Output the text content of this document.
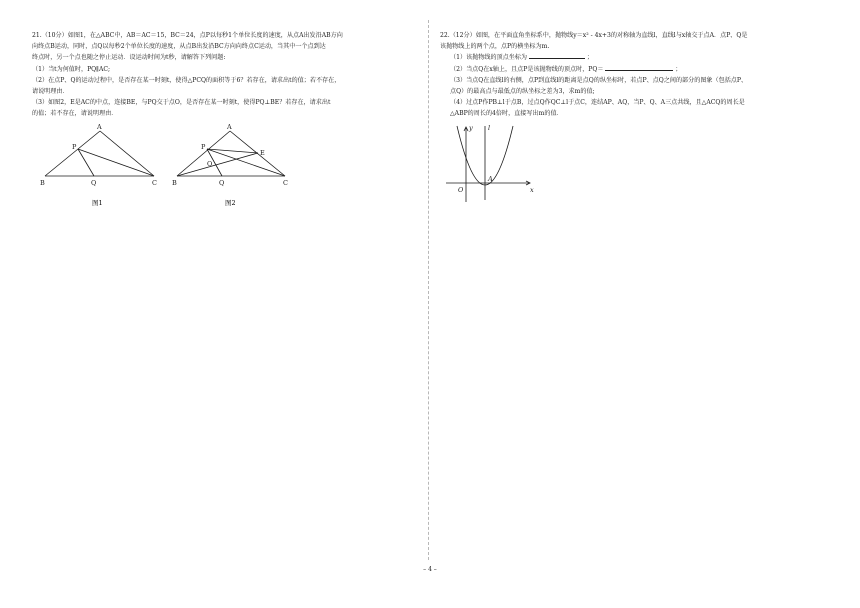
21.（10分）如图1，在△ABC中，AB＝AC＝15，BC＝24，点P以每秒1个单位长度的速度，从点A出发沿AB方向
向终点B运动，同时，点Q以每秒2个单位长度的速度，从点B出发沿BC方向向终点C运动，当其中一个点到达
终点时，另一个点也随之停止运动．设运动时间为t秒，请解答下列问题:
（1）当t为何值时，PQ∥AC;
（2）在点P、Q的运动过程中，是否存在某一时刻t，使得△PCQ的面积等于6？若存在，请求出t的值；若不存在，
请说明理由．
（3）如图2，E是AC的中点，连接BE，与PQ交于点O，是否存在某一时刻t，使得PQ⊥BE？若存在，请求出t
的值；若不存在，请说明理由．
A
P
B	Q	C
图1
A
P
E
O
B	Q	C
图2
22.（12分）如图，在平面直角坐标系中，抛物线y＝x² - 4x+3的对称轴为直线l，直线l与x轴交于点A．点P、Q是
该抛物线上的两个点，点P的横坐标为m.
（1）该抛物线的顶点坐标为	；
（2）当点Q在x轴上，且点P是该抛物线的顶点时，PQ＝	；
（3）当点Q在直线l的右侧，点P到直线l的距离是点Q的纵坐标时，若点P、点Q之间的部分的图象（包括点P、
点Q）的最高点与最低点的纵坐标之差为3，求m的值;
（4）过点P作PB⊥l于点B，过点Q作QC⊥l于点C，连结AP、AQ，当P、Q、A三点共线，且△ACQ的周长是
△ABP的周长的4倍时，直接写出m的值．
y l
A
O	x
– 4 –
